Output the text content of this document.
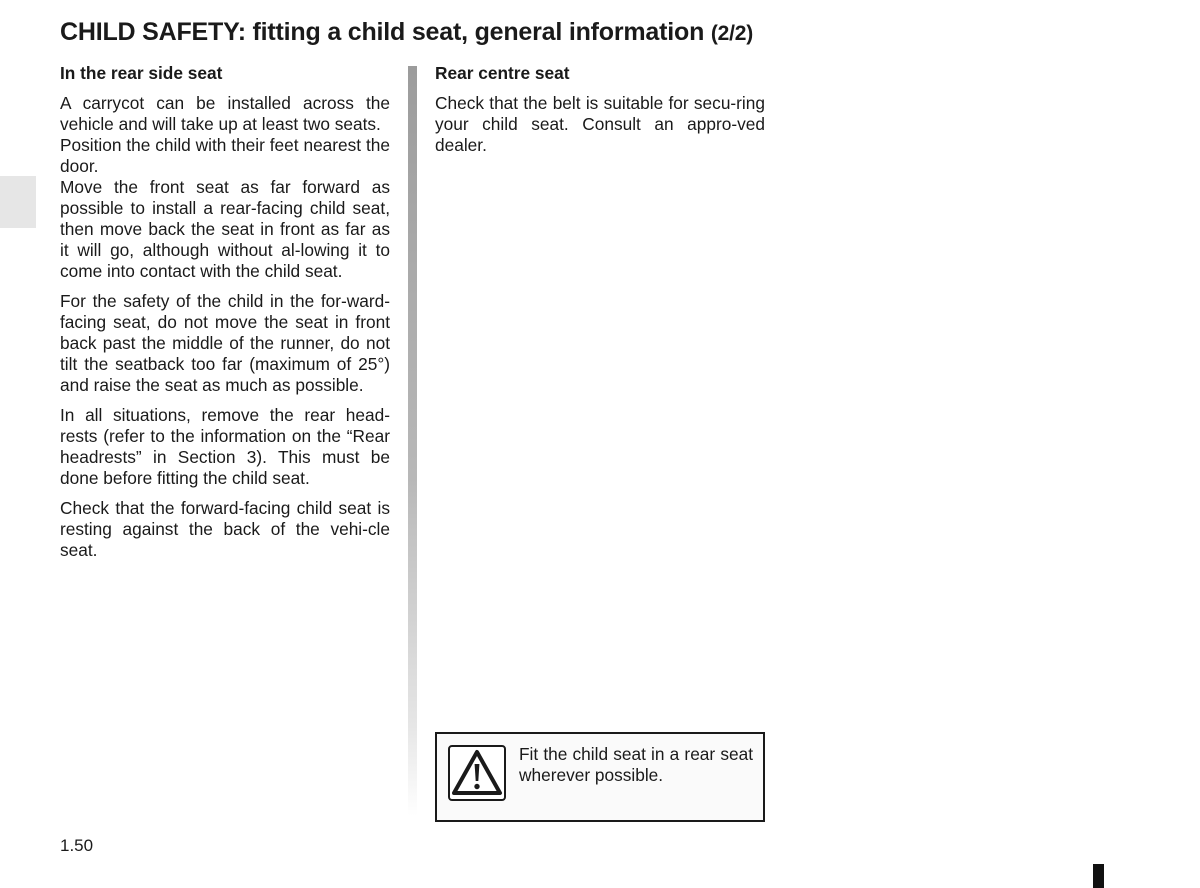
CHILD SAFETY: fitting a child seat, general information (2/2)
In the rear side seat
A carrycot can be installed across the vehicle and will take up at least two seats.
Position the child with their feet nearest the door.
Move the front seat as far forward as possible to install a rear-facing child seat, then move back the seat in front as far as it will go, although without al-lowing it to come into contact with the child seat.
For the safety of the child in the for-ward-facing seat, do not move the seat in front back past the middle of the runner, do not tilt the seatback too far (maximum of 25°) and raise the seat as much as possible.
In all situations, remove the rear head-rests (refer to the information on the “Rear headrests” in Section 3). This must be done before fitting the child seat.
Check that the forward-facing child seat is resting against the back of the vehi-cle seat.
Rear centre seat
Check that the belt is suitable for secu-ring your child seat. Consult an appro-ved dealer.
Fit the child seat in a rear seat wherever possible.
1.50
